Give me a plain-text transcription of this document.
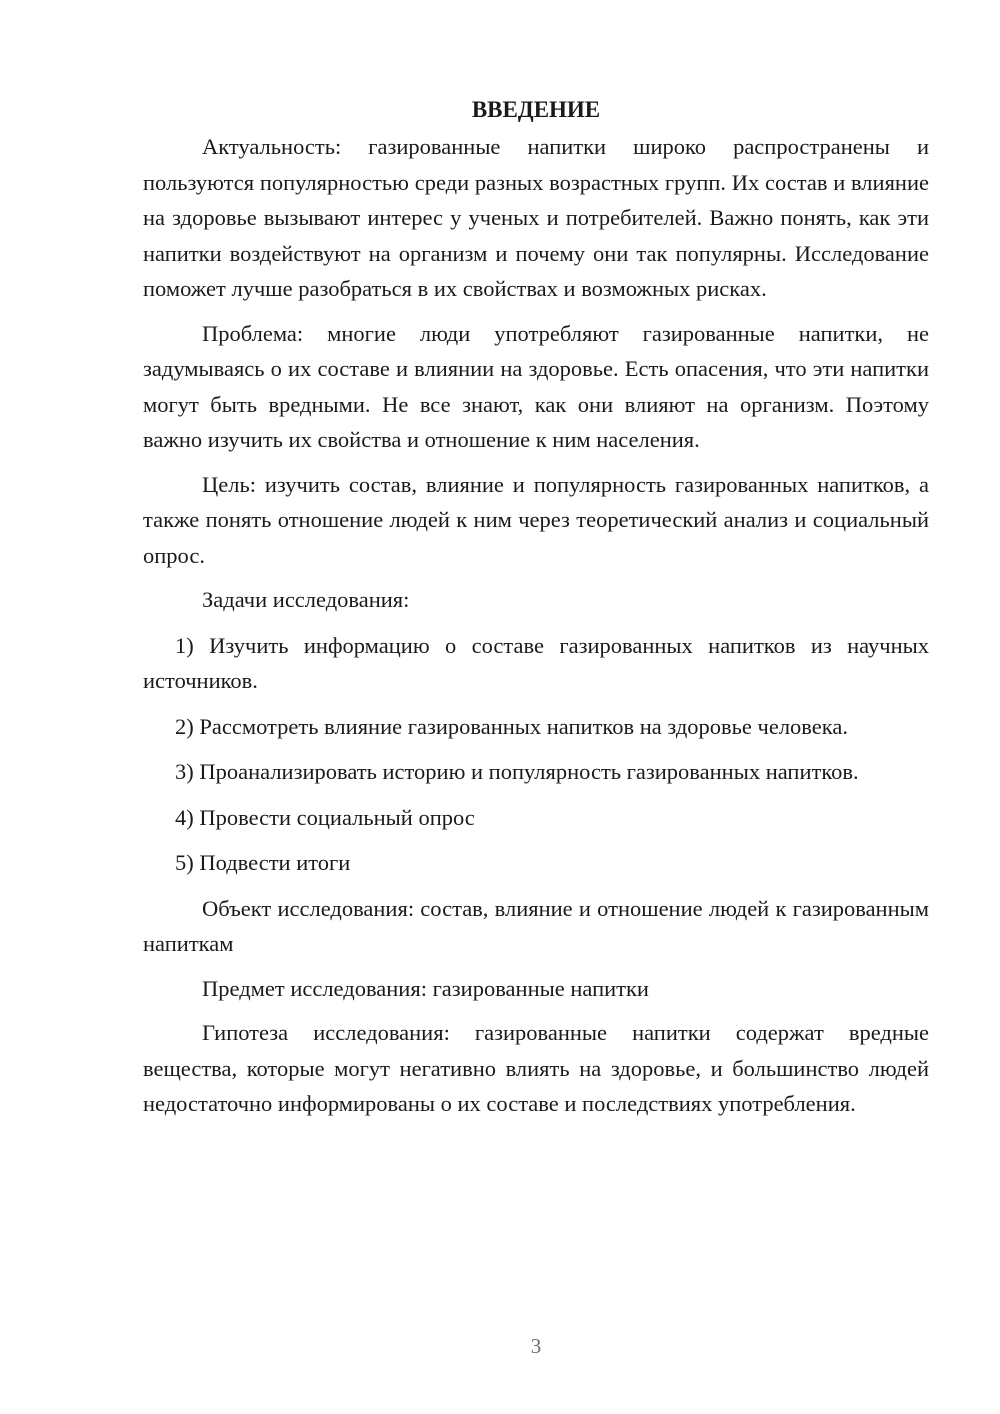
ВВЕДЕНИЕ

Актуальность: газированные напитки широко распространены и пользуются популярностью среди разных возрастных групп. Их состав и влияние на здоровье вызывают интерес у ученых и потребителей. Важно понять, как эти напитки воздействуют на организм и почему они так популярны. Исследование поможет лучше разобраться в их свойствах и возможных рисках.

Проблема: многие люди употребляют газированные напитки, не задумываясь о их составе и влиянии на здоровье. Есть опасения, что эти напитки могут быть вредными. Не все знают, как они влияют на организм. Поэтому важно изучить их свойства и отношение к ним населения.

Цель: изучить состав, влияние и популярность газированных напитков, а также понять отношение людей к ним через теоретический анализ и социальный опрос.

Задачи исследования:

1) Изучить информацию о составе газированных напитков из научных источников.

2) Рассмотреть влияние газированных напитков на здоровье человека.

3) Проанализировать историю и популярность газированных напитков.

4) Провести социальный опрос

5) Подвести итоги

Объект исследования: состав, влияние и отношение людей к газированным напиткам

Предмет исследования: газированные напитки

Гипотеза исследования: газированные напитки содержат вредные вещества, которые могут негативно влиять на здоровье, и большинство людей недостаточно информированы о их составе и последствиях употребления.

3
